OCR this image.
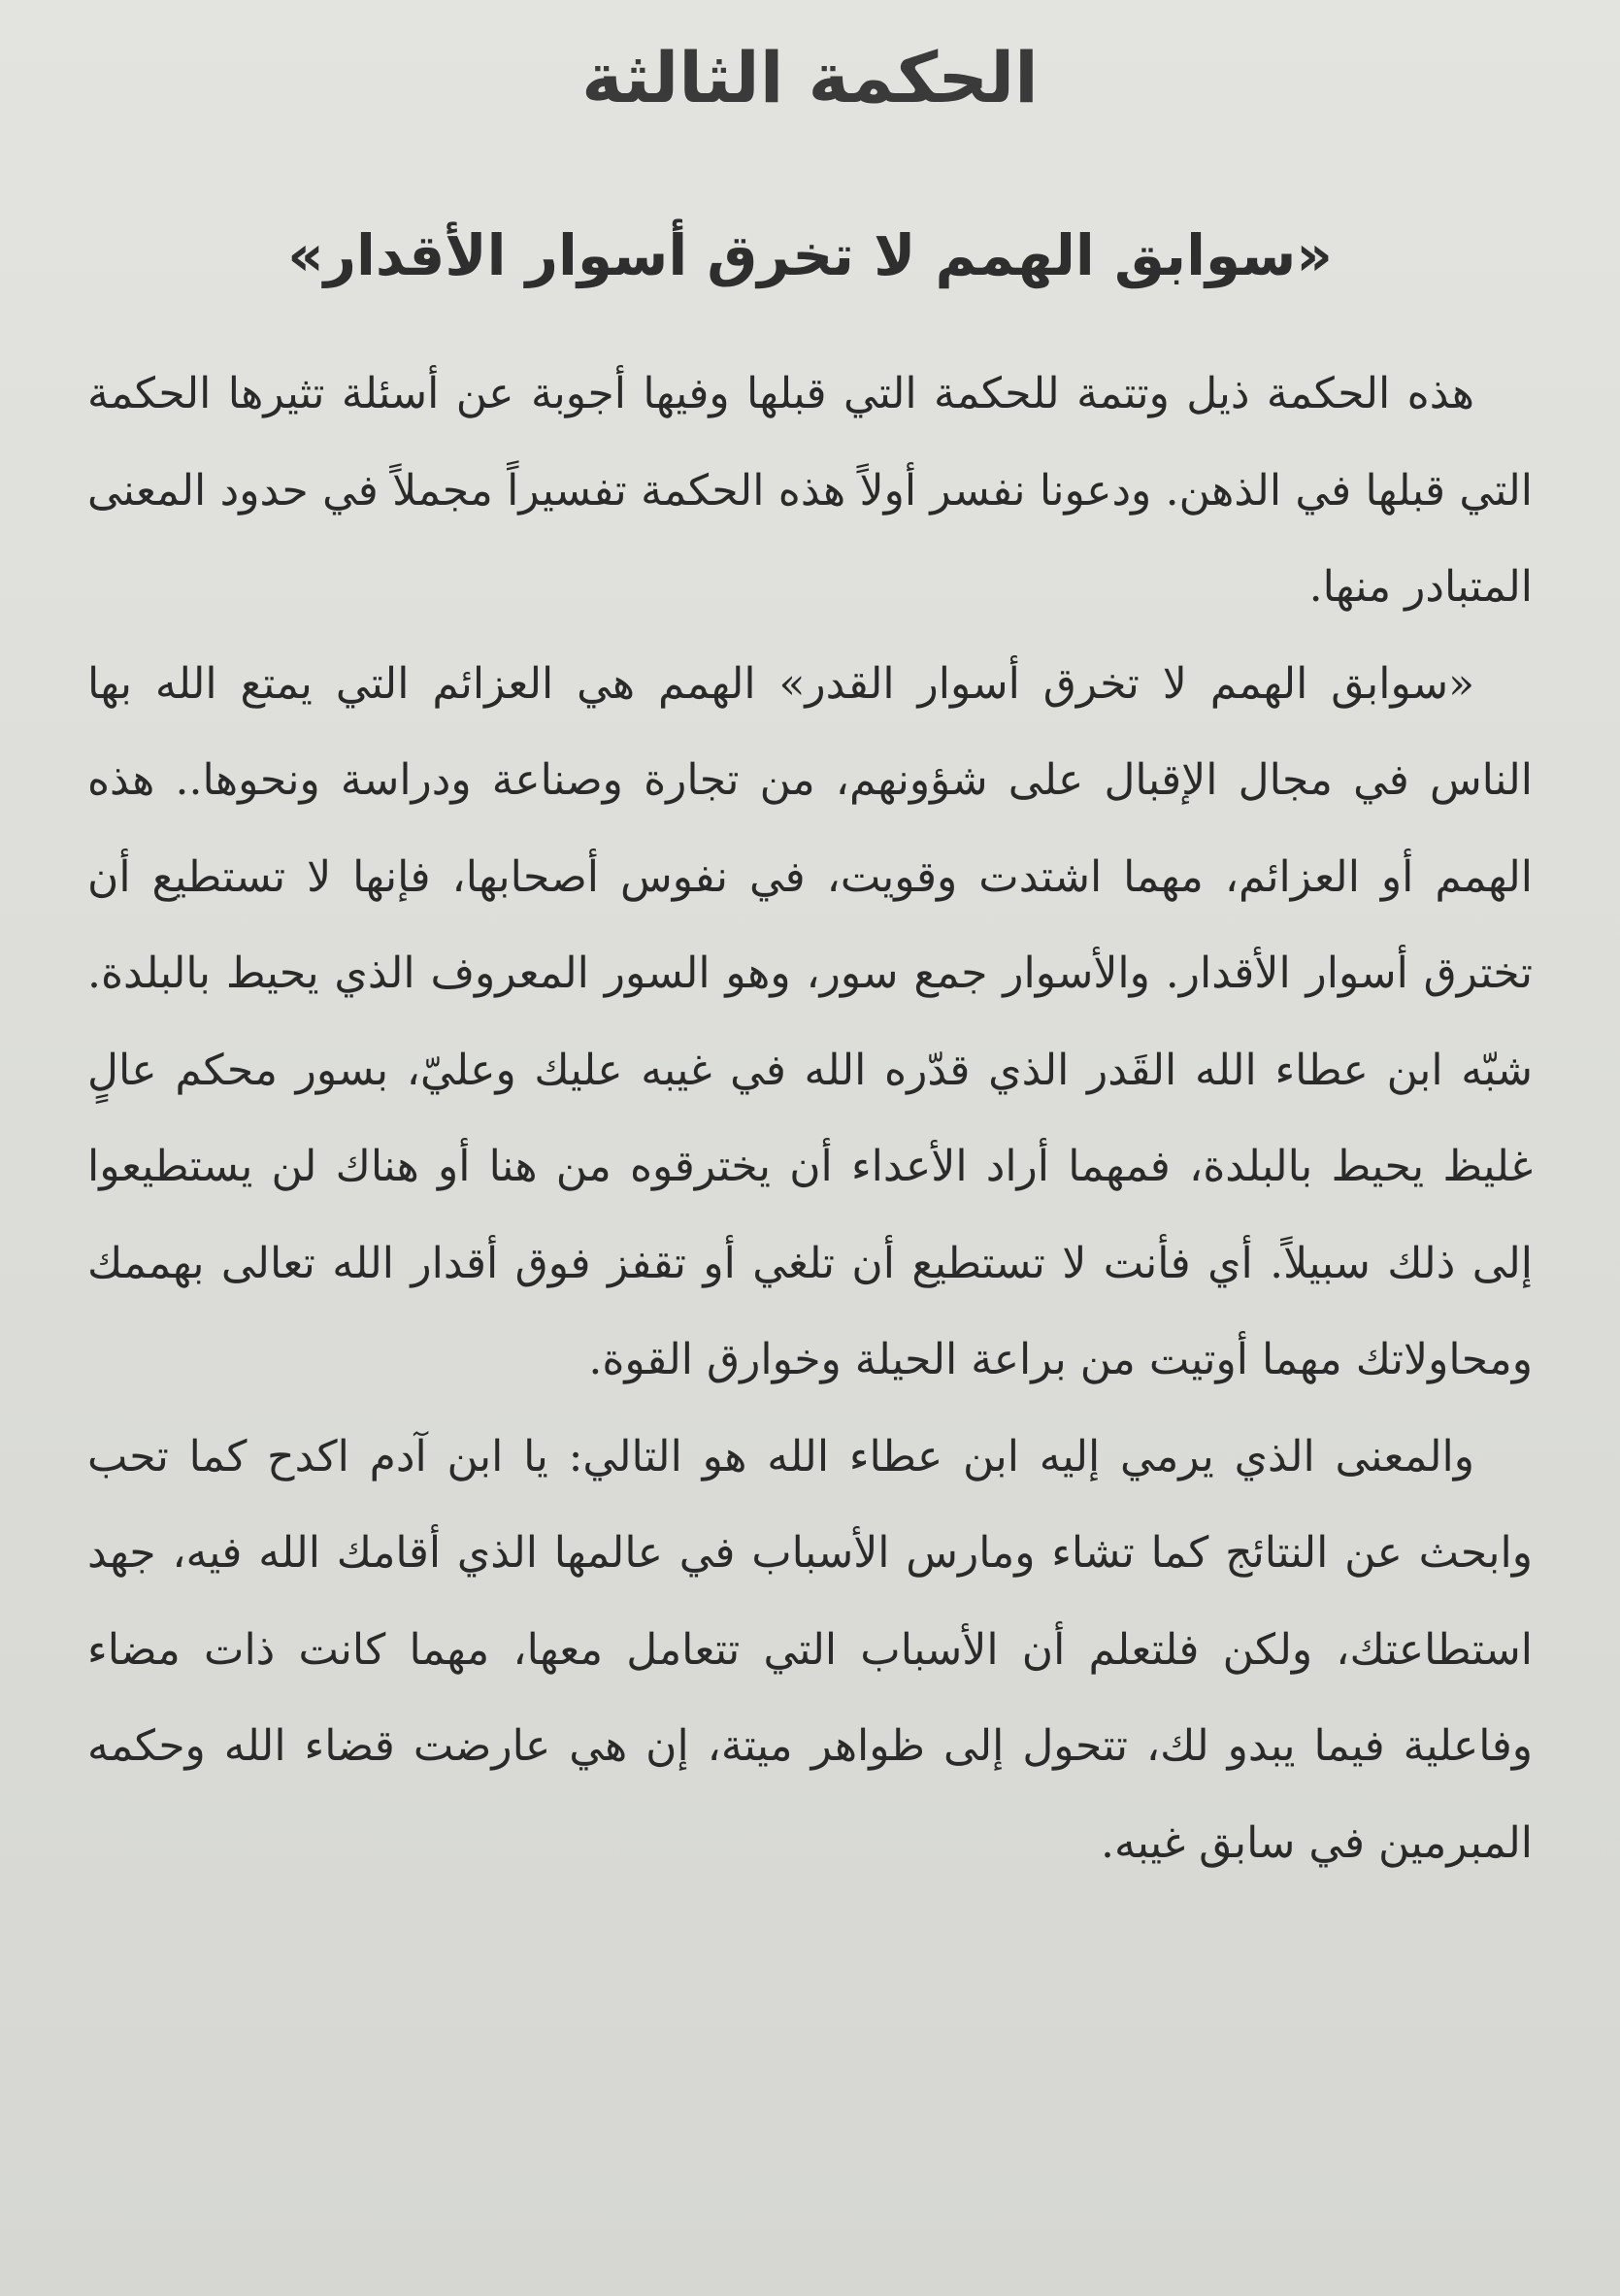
الحكمة الثالثة
«سوابق الهمم لا تخرق أسوار الأقدار»

هذه الحكمة ذيل وتتمة للحكمة التي قبلها وفيها أجوبة عن أسئلة تثيرها الحكمة التي قبلها في الذهن. ودعونا نفسر أولاً هذه الحكمة تفسيراً مجملاً في حدود المعنى المتبادر منها.

«سوابق الهمم لا تخرق أسوار القدر» الهمم هي العزائم التي يمتع الله بها الناس في مجال الإقبال على شؤونهم، من تجارة وصناعة ودراسة ونحوها.. هذه الهمم أو العزائم، مهما اشتدت وقويت، في نفوس أصحابها، فإنها لا تستطيع أن تخترق أسوار الأقدار. والأسوار جمع سور، وهو السور المعروف الذي يحيط بالبلدة. شبّه ابن عطاء الله القَدر الذي قدّره الله في غيبه عليك وعليّ، بسور محكم عالٍ غليظ يحيط بالبلدة، فمهما أراد الأعداء أن يخترقوه من هنا أو هناك لن يستطيعوا إلى ذلك سبيلاً. أي فأنت لا تستطيع أن تلغي أو تقفز فوق أقدار الله تعالى بهممك ومحاولاتك مهما أوتيت من براعة الحيلة وخوارق القوة.

والمعنى الذي يرمي إليه ابن عطاء الله هو التالي: يا ابن آدم اكدح كما تحب وابحث عن النتائج كما تشاء ومارس الأسباب في عالمها الذي أقامك الله فيه، جهد استطاعتك، ولكن فلتعلم أن الأسباب التي تتعامل معها، مهما كانت ذات مضاء وفاعلية فيما يبدو لك، تتحول إلى ظواهر ميتة، إن هي عارضت قضاء الله وحكمه المبرمين في سابق غيبه.
